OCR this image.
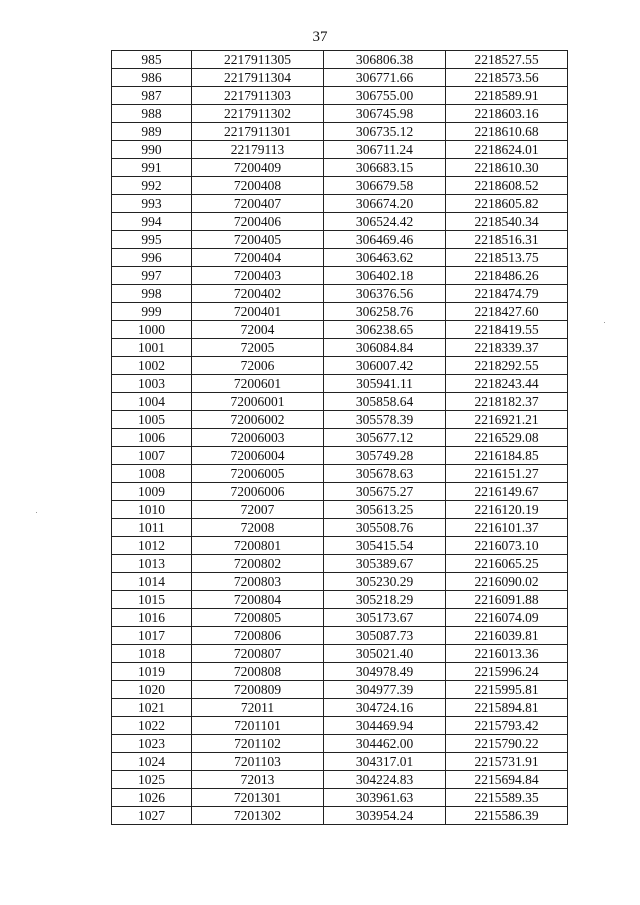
37
985	2217911305	306806.38	2218527.55
986	2217911304	306771.66	2218573.56
987	2217911303	306755.00	2218589.91
988	2217911302	306745.98	2218603.16
989	2217911301	306735.12	2218610.68
990	22179113	306711.24	2218624.01
991	7200409	306683.15	2218610.30
992	7200408	306679.58	2218608.52
993	7200407	306674.20	2218605.82
994	7200406	306524.42	2218540.34
995	7200405	306469.46	2218516.31
996	7200404	306463.62	2218513.75
997	7200403	306402.18	2218486.26
998	7200402	306376.56	2218474.79
999	7200401	306258.76	2218427.60
1000	72004	306238.65	2218419.55
1001	72005	306084.84	2218339.37
1002	72006	306007.42	2218292.55
1003	7200601	305941.11	2218243.44
1004	72006001	305858.64	2218182.37
1005	72006002	305578.39	2216921.21
1006	72006003	305677.12	2216529.08
1007	72006004	305749.28	2216184.85
1008	72006005	305678.63	2216151.27
1009	72006006	305675.27	2216149.67
1010	72007	305613.25	2216120.19
1011	72008	305508.76	2216101.37
1012	7200801	305415.54	2216073.10
1013	7200802	305389.67	2216065.25
1014	7200803	305230.29	2216090.02
1015	7200804	305218.29	2216091.88
1016	7200805	305173.67	2216074.09
1017	7200806	305087.73	2216039.81
1018	7200807	305021.40	2216013.36
1019	7200808	304978.49	2215996.24
1020	7200809	304977.39	2215995.81
1021	72011	304724.16	2215894.81
1022	7201101	304469.94	2215793.42
1023	7201102	304462.00	2215790.22
1024	7201103	304317.01	2215731.91
1025	72013	304224.83	2215694.84
1026	7201301	303961.63	2215589.35
1027	7201302	303954.24	2215586.39
